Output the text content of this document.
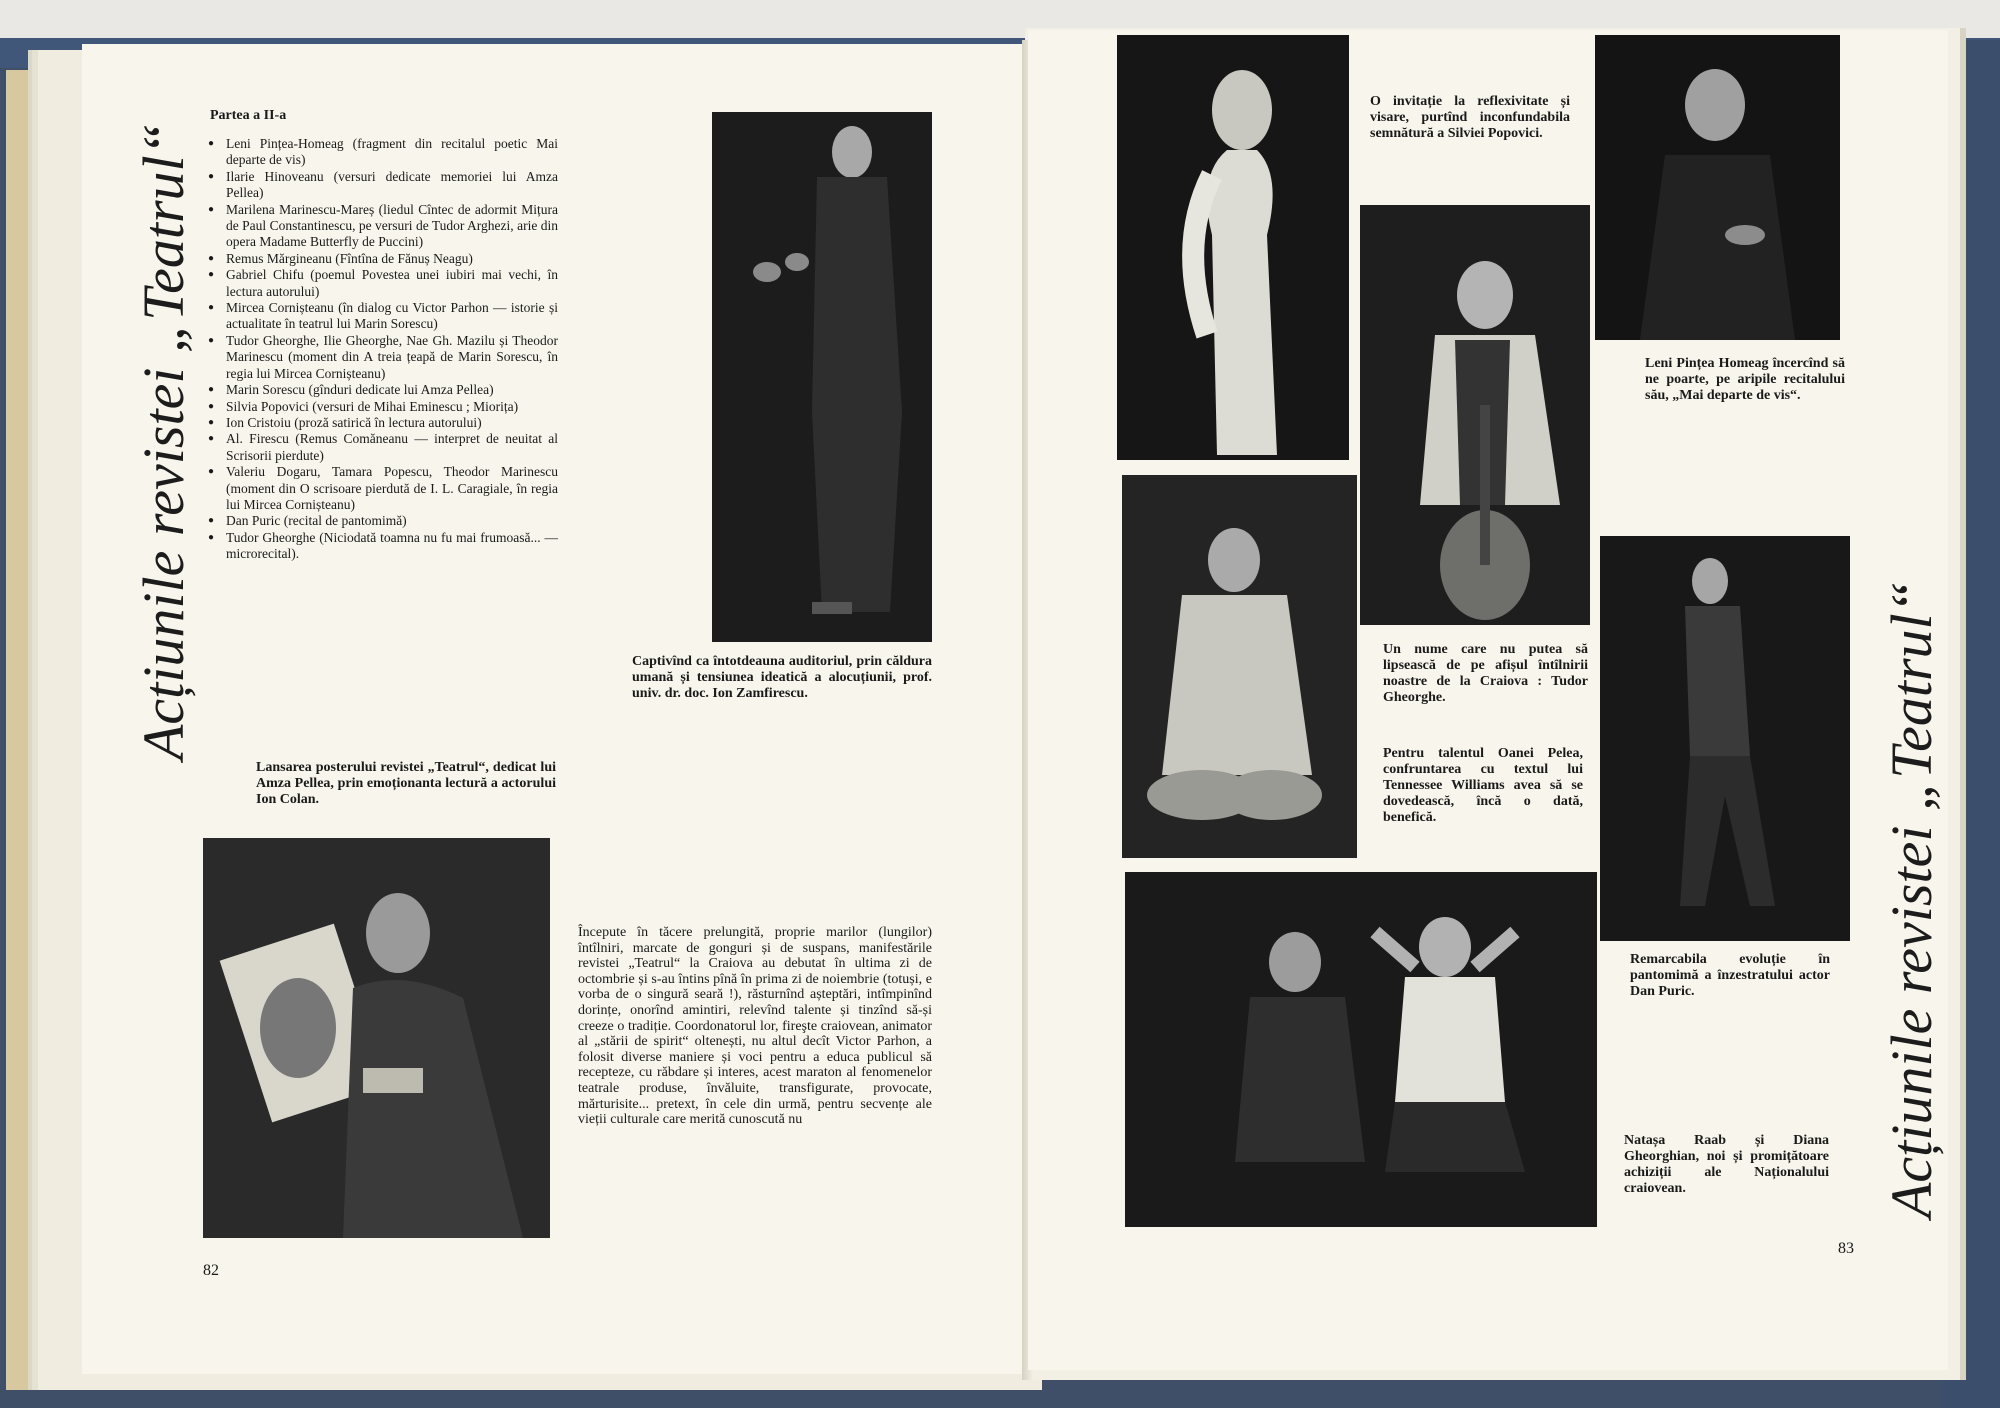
Acțiunile revistei „Teatrul“
Partea a II-a
● Leni Pințea-Homeag (fragment din recitalul poetic Mai departe de vis)
● Ilarie Hinoveanu (versuri dedicate memoriei lui Amza Pellea)
● Marilena Marinescu-Mareș (liedul Cîntec de adormit Mițura de Paul Constantinescu, pe versuri de Tudor Arghezi, arie din opera Madame Butterfly de Puccini)
● Remus Mărgineanu (Fîntîna de Fănuș Neagu)
● Gabriel Chifu (poemul Povestea unei iubiri mai vechi, în lectura autorului)
● Mircea Cornișteanu (în dialog cu Victor Parhon — istorie și actualitate în teatrul lui Marin Sorescu)
● Tudor Gheorghe, Ilie Gheorghe, Nae Gh. Mazilu și Theodor Marinescu (moment din A treia țeapă de Marin Sorescu, în regia lui Mircea Cornișteanu)
● Marin Sorescu (gînduri dedicate lui Amza Pellea)
● Silvia Popovici (versuri de Mihai Eminescu ; Miorița)
● Ion Cristoiu (proză satirică în lectura autorului)
● Al. Firescu (Remus Comăneanu — interpret de neuitat al Scrisorii pierdute)
● Valeriu Dogaru, Tamara Popescu, Theodor Marinescu (moment din O scrisoare pierdută de I. L. Caragiale, în regia lui Mircea Cornișteanu)
● Dan Puric (recital de pantomimă)
● Tudor Gheorghe (Niciodată toamna nu fu mai frumoasă... — microrecital).

Lansarea posterului revistei „Teatrul“, dedicat lui Amza Pellea, prin emoționanta lectură a actorului Ion Colan.

Captivînd ca întotdeauna auditoriul, prin căldura umană și tensiunea ideatică a alocuțiunii, prof. univ. dr. doc. Ion Zamfirescu.

Începute în tăcere prelungită, proprie marilor (lungilor) întîlniri, marcate de gonguri și de suspans, manifestările revistei „Teatrul“ la Craiova au debutat în ultima zi de octombrie și s-au întins pînă în prima zi de noiembrie (totuși, e vorba de o singură seară !), răsturnînd așteptări, intîmpinînd dorințe, onorînd amintiri, relevînd talente și tinzînd să-și creeze o tradiție. Coordonatorul lor, fireşte craiovean, animator al „stării de spirit“ oltenești, nu altul decît Victor Parhon, a folosit diverse maniere și voci pentru a educa publicul să recepteze, cu răbdare și interes, acest maraton al fenomenelor teatrale produse, învăluite, transfigurate, provocate, mărturisite... pretext, în cele din urmă, pentru secvențe ale vieții culturale care merită cunoscută nu

82

O invitație la reflexivitate și visare, purtînd inconfundabila semnătură a Silviei Popovici.

Leni Pințea Homeag încercînd să ne poarte, pe aripile recitalului său, „Mai departe de vis“.

Un nume care nu putea să lipsească de pe afișul întîlnirii noastre de la Craiova : Tudor Gheorghe.

Pentru talentul Oanei Pelea, confruntarea cu textul lui Tennessee Williams avea să se dovedească, încă o dată, benefică.

Remarcabila evoluție în pantomimă a înzestratului actor Dan Puric.

Natașa Raab și Diana Gheorghian, noi și promițătoare achiziții ale Naționalului craiovean.	Acțiunile revistei „Teatrul“
83
